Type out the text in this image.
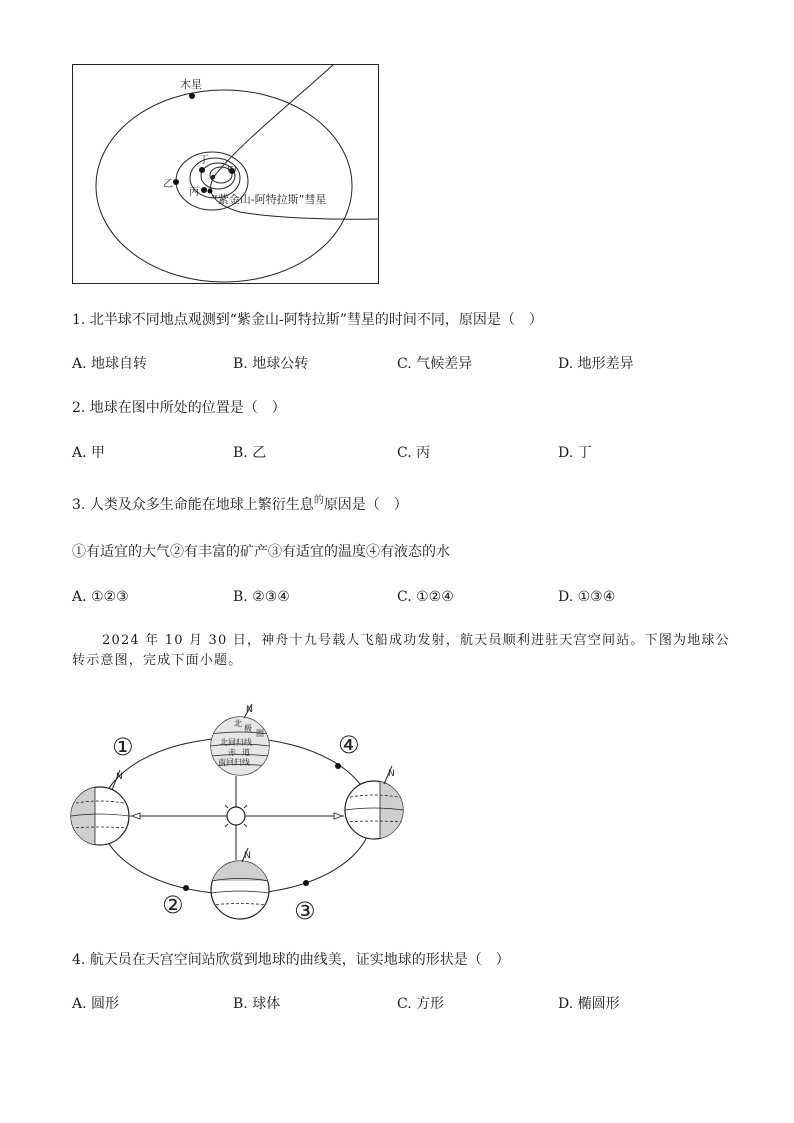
木星
甲
乙
丙
丁
“紫金山-阿特拉斯”彗星
1. 北半球不同地点观测到“紫金山-阿特拉斯”彗星的时间不同，原因是（　）
A. 地球自转	B. 地球公转	C. 气候差异	D. 地形差异
2. 地球在图中所处的位置是（　）
A. 甲	B. 乙	C. 丙	D. 丁
3. 人类及众多生命能在地球上繁衍生息$^的$原因是（　）
①有适宜的大气②有丰富的矿产③有适宜的温度④有液态的水
A. ①②③	B. ②③④	C. ①②④	D. ①③④
2024 年 10 月 30 日，神舟十九号载人飞船成功发射，航天员顺利进驻天宫空间站。下图为地球公转示意图，完成下面小题。
N
N
北
极
圈
北回归线
赤 道
南回归线
N
N
①
②	③
④
4. 航天员在天宫空间站欣赏到地球的曲线美，证实地球的形状是（　）
A. 圆形	B. 球体	C. 方形	D. 椭圆形
